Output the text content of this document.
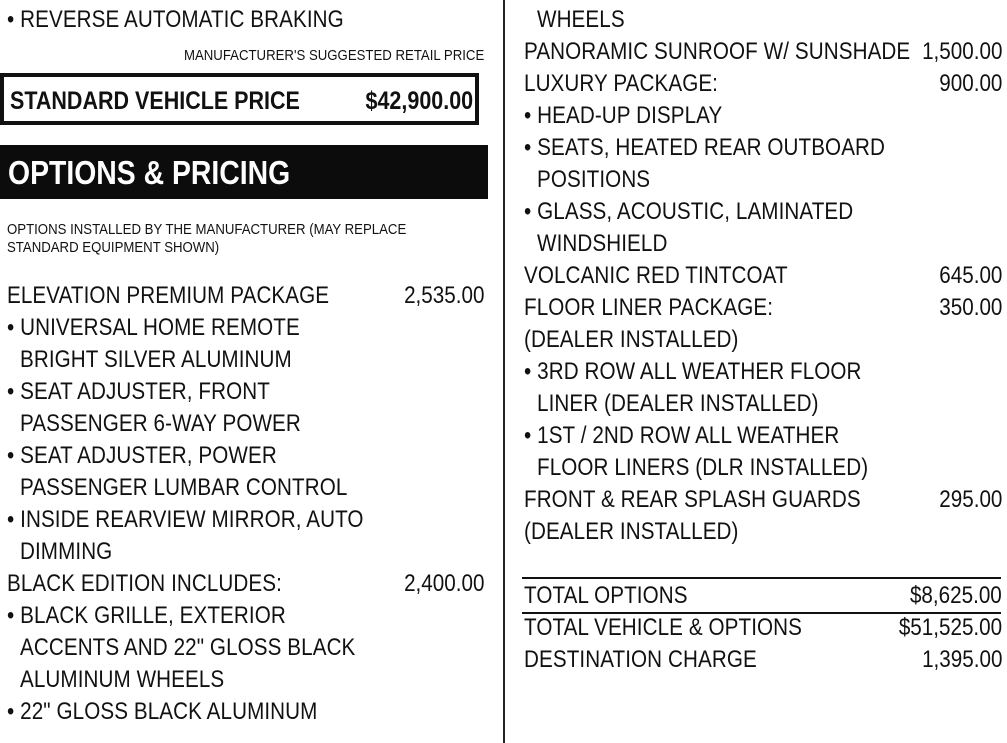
• REVERSE AUTOMATIC BRAKING
MANUFACTURER'S SUGGESTED RETAIL PRICE
STANDARD VEHICLE PRICE	$42,900.00
OPTIONS & PRICING
OPTIONS INSTALLED BY THE MANUFACTURER (MAY REPLACE
STANDARD EQUIPMENT SHOWN)
ELEVATION PREMIUM PACKAGE	2,535.00
• UNIVERSAL HOME REMOTE
BRIGHT SILVER ALUMINUM
• SEAT ADJUSTER, FRONT
PASSENGER 6-WAY POWER
• SEAT ADJUSTER, POWER
PASSENGER LUMBAR CONTROL
• INSIDE REARVIEW MIRROR, AUTO
DIMMING
BLACK EDITION INCLUDES:	2,400.00
• BLACK GRILLE, EXTERIOR
ACCENTS AND 22" GLOSS BLACK
ALUMINUM WHEELS
• 22" GLOSS BLACK ALUMINUM
WHEELS
PANORAMIC SUNROOF W/ SUNSHADE 1,500.00
LUXURY PACKAGE:	900.00
• HEAD-UP DISPLAY
• SEATS, HEATED REAR OUTBOARD
POSITIONS
• GLASS, ACOUSTIC, LAMINATED
WINDSHIELD
VOLCANIC RED TINTCOAT	645.00
FLOOR LINER PACKAGE:	350.00
(DEALER INSTALLED)
• 3RD ROW ALL WEATHER FLOOR
LINER (DEALER INSTALLED)
• 1ST / 2ND ROW ALL WEATHER
FLOOR LINERS (DLR INSTALLED)
FRONT & REAR SPLASH GUARDS	295.00
(DEALER INSTALLED)
TOTAL OPTIONS	$8,625.00
TOTAL VEHICLE & OPTIONS	$51,525.00
DESTINATION CHARGE	1,395.00
